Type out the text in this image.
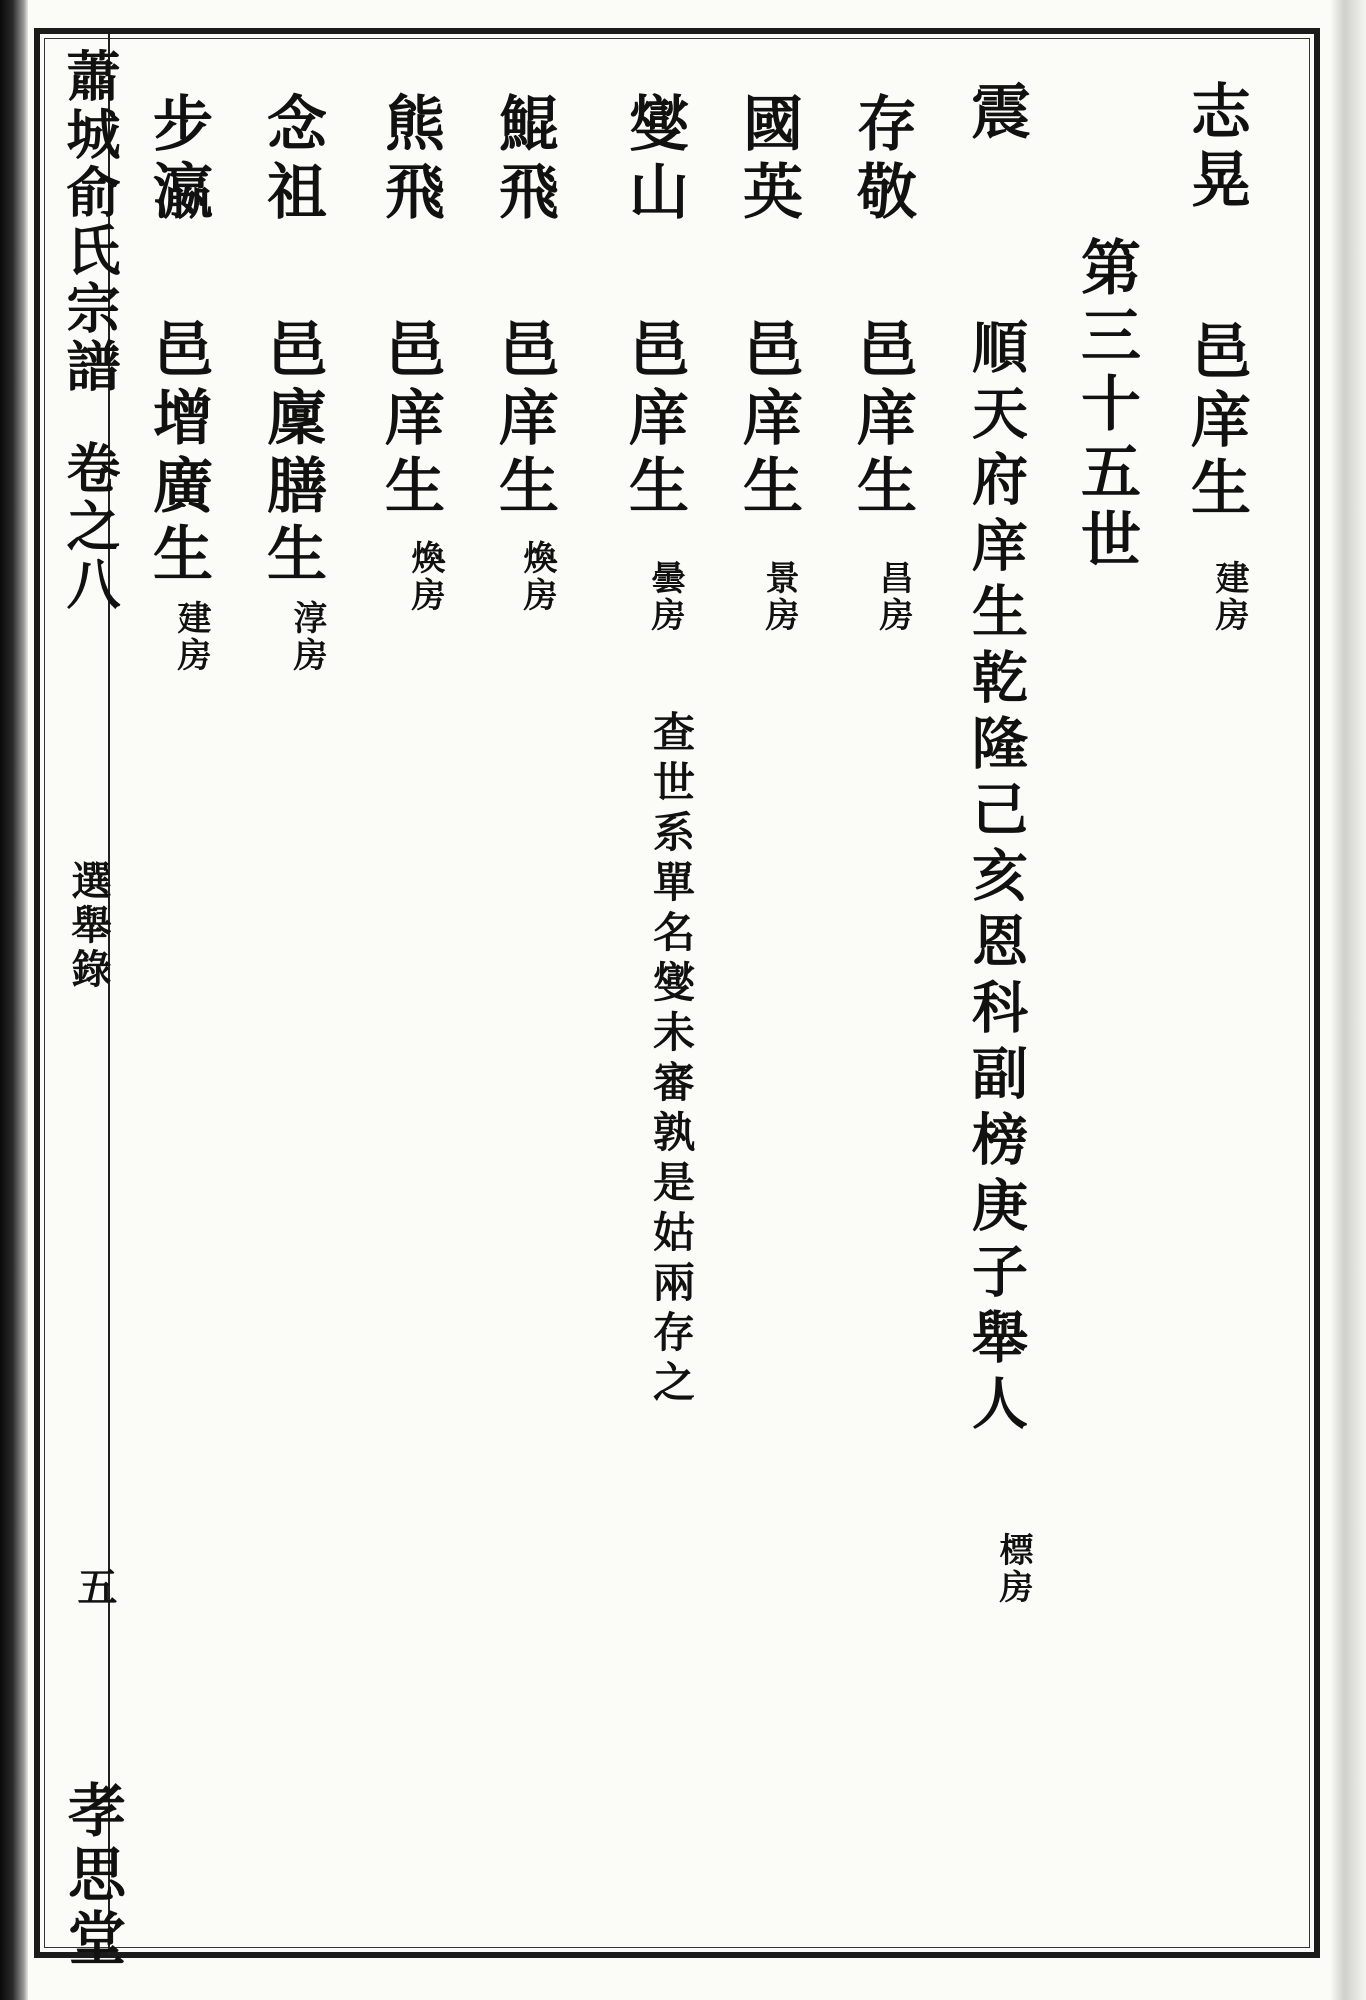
蕭城俞氏宗譜
卷之八
選舉錄
五
孝思堂
志晃
邑庠生
建房
第三十五世
震
順天府庠生乾隆己亥恩科副榜庚子舉人
標房
存敬
邑庠生
昌房
國英
邑庠生
景房
燮山
邑庠生
曇房
查世系單名燮未審孰是姑兩存之
鯤飛
邑庠生
煥房
熊飛
邑庠生
煥房
念祖
邑廩膳生
淳房
步瀛
邑增廣生
建房
